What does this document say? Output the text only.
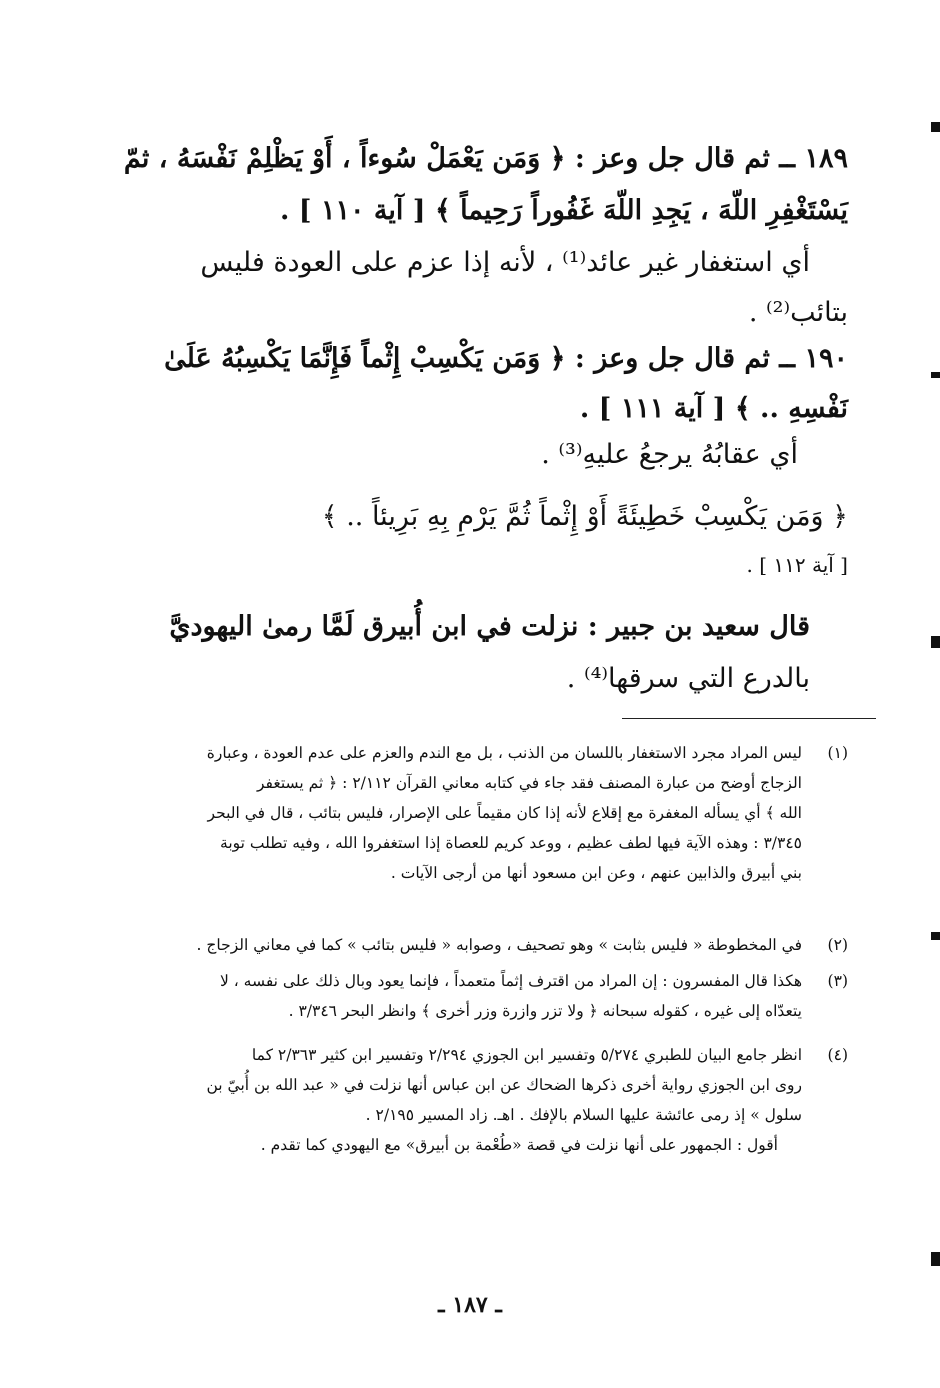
١٨٩ ــ ثم قال جل وعز : ﴿ وَمَن يَعْمَلْ سُوءاً ، أَوْ يَظْلِمْ نَفْسَهُ ، ثمّ
يَسْتَغْفِرِ اللّهَ ، يَجِدِ اللّهَ غَفُوراً رَحِيماً ﴾ [ آية ١١٠ ] .
أي استغفار غير عائد⁽¹⁾ ، لأنه إذا عزم على العودة فليس
بتائب⁽²⁾ .
١٩٠ ــ ثم قال جل وعز : ﴿ وَمَن يَكْسِبْ إِثْماً فَإِنَّمَا يَكْسِبُهُ عَلَىٰ
نَفْسِهِ .. ﴾ [ آية ١١١ ] .
أي عقابُهُ يرجعُ عليهِ⁽³⁾ .
﴿ وَمَن يَكْسِبْ خَطِيئَةً أَوْ إِثْماً ثُمَّ يَرْمِ بِهِ بَرِيئاً .. ﴾
[ آية ١١٢ ] .
قال سعيد بن جبير : نزلت في ابن أُبيرق لَمَّا رمىٰ اليهوديَّ
بالدرع التي سرقها⁽⁴⁾ .
(١)
ليس المراد مجرد الاستغفار باللسان من الذنب ، بل مع الندم والعزم على عدم العودة ، وعبارة
الزجاج أوضح من عبارة المصنف فقد جاء في كتابه معاني القرآن ٢/١١٢ : ﴿ ثم يستغفر
الله ﴾ أي يسأله المغفرة مع إقلاع لأنه إذا كان مقيماً على الإصرار، فليس بتائب ، قال في البحر
٣/٣٤٥ : وهذه الآية فيها لطف عظيم ، ووعد كريم للعصاة إذا استغفروا الله ، وفيه تطلب توبة
بني أبيرق والذابين عنهم ، وعن ابن مسعود أنها من أرجى الآيات .
(٢)
في المخطوطة « فليس بثابت » وهو تصحيف ، وصوابه « فليس بتائب » كما في معاني الزجاج .
(٣)
هكذا قال المفسرون : إن المراد من اقترف إثماً متعمداً ، فإنما يعود وبال ذلك على نفسه ، لا
يتعدّاه إلى غيره ، كقوله سبحانه ﴿ ولا تزر وازرة وزر أخرى ﴾ وانظر البحر ٣/٣٤٦ .
(٤)
انظر جامع البيان للطبري ٥/٢٧٤ وتفسير ابن الجوزي ٢/٢٩٤ وتفسير ابن كثير ٢/٣٦٣ كما
روى ابن الجوزي رواية أخرى ذكرها الضحاك عن ابن عباس أنها نزلت في « عبد الله بن أُبيّ بن
سلول » إذ رمى عائشة عليها السلام بالإفك . اهـ. زاد المسير ٢/١٩٥ .
أقول : الجمهور على أنها نزلت في قصة «طُعْمة بن أبيرق» مع اليهودي كما تقدم .
ـ ١٨٧ ـ
